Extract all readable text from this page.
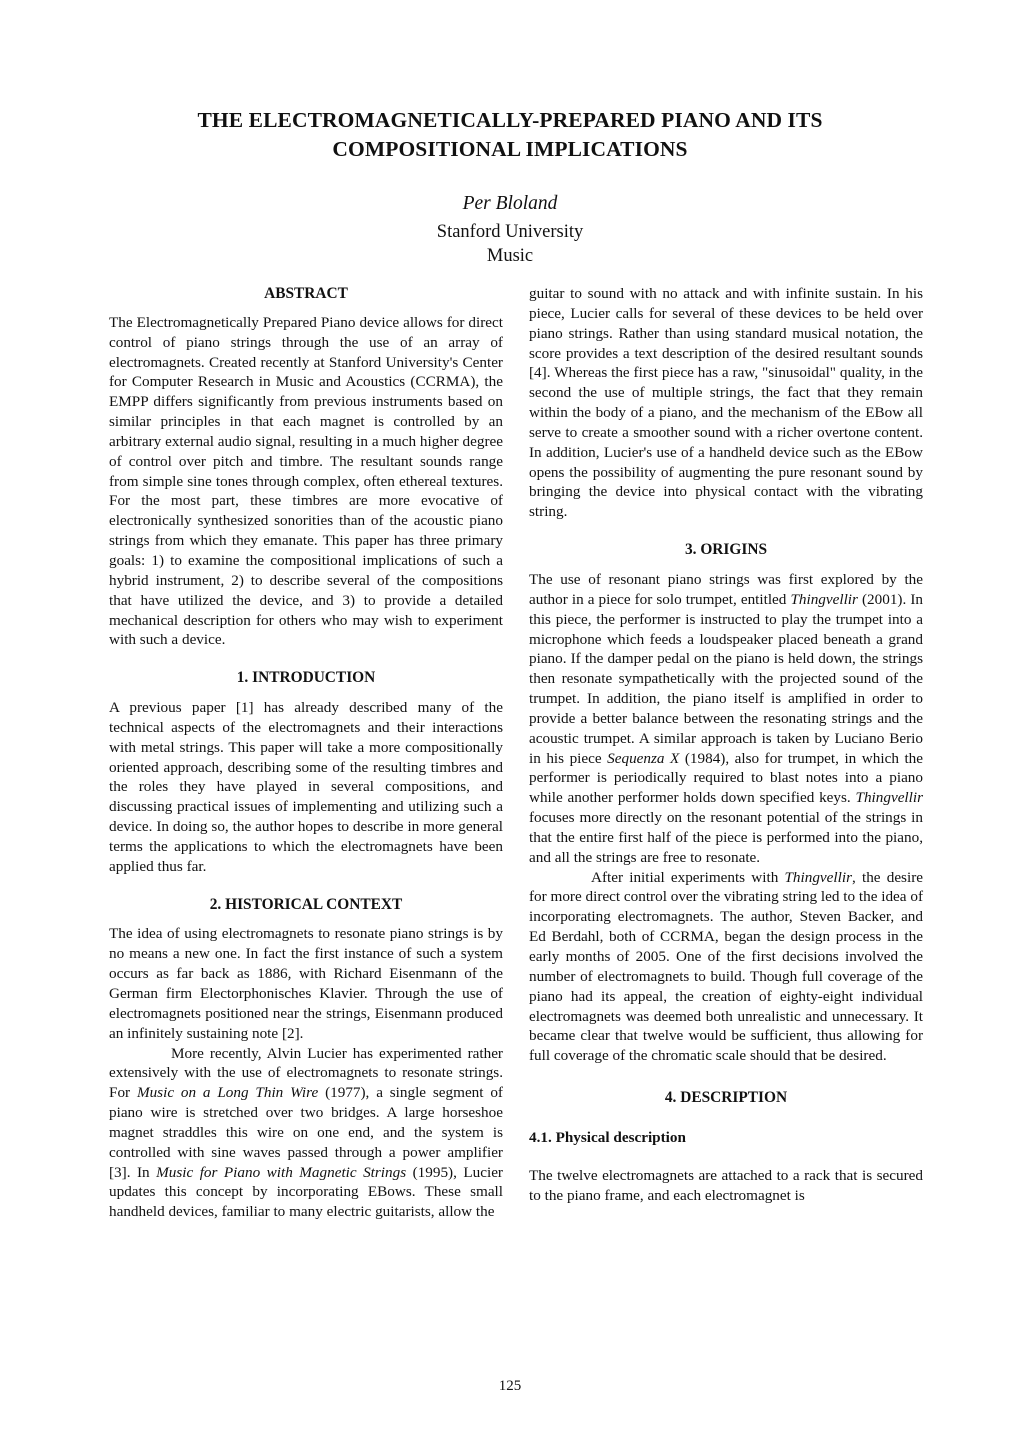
THE ELECTROMAGNETICALLY-PREPARED PIANO AND ITS
COMPOSITIONAL IMPLICATIONS
Per Bloland
Stanford University
Music
ABSTRACT

The Electromagnetically Prepared Piano device allows for direct control of piano strings through the use of an array of electromagnets. Created recently at Stanford University's Center for Computer Research in Music and Acoustics (CCRMA), the EMPP differs significantly from previous instruments based on similar principles in that each magnet is controlled by an arbitrary external audio signal, resulting in a much higher degree of control over pitch and timbre. The resultant sounds range from simple sine tones through complex, often ethereal textures. For the most part, these timbres are more evocative of electronically synthesized sonorities than of the acoustic piano strings from which they emanate. This paper has three primary goals: 1) to examine the compositional implications of such a hybrid instrument, 2) to describe several of the compositions that have utilized the device, and 3) to provide a detailed mechanical description for others who may wish to experiment with such a device.

1. INTRODUCTION

A previous paper [1] has already described many of the technical aspects of the electromagnets and their interactions with metal strings. This paper will take a more compositionally oriented approach, describing some of the resulting timbres and the roles they have played in several compositions, and discussing practical issues of implementing and utilizing such a device. In doing so, the author hopes to describe in more general terms the applications to which the electromagnets have been applied thus far.

2. HISTORICAL CONTEXT

The idea of using electromagnets to resonate piano strings is by no means a new one. In fact the first instance of such a system occurs as far back as 1886, with Richard Eisenmann of the German firm Electorphonisches Klavier. Through the use of electromagnets positioned near the strings, Eisenmann produced an infinitely sustaining note [2].

More recently, Alvin Lucier has experimented rather extensively with the use of electromagnets to resonate strings. For Music on a Long Thin Wire (1977), a single segment of piano wire is stretched over two bridges. A large horseshoe magnet straddles this wire on one end, and the system is controlled with sine waves passed through a power amplifier [3]. In Music for Piano with Magnetic Strings (1995), Lucier updates this concept by incorporating EBows. These small handheld devices, familiar to many electric guitarists, allow the

guitar to sound with no attack and with infinite sustain. In his piece, Lucier calls for several of these devices to be held over piano strings. Rather than using standard musical notation, the score provides a text description of the desired resultant sounds [4]. Whereas the first piece has a raw, "sinusoidal" quality, in the second the use of multiple strings, the fact that they remain within the body of a piano, and the mechanism of the EBow all serve to create a smoother sound with a richer overtone content. In addition, Lucier's use of a handheld device such as the EBow opens the possibility of augmenting the pure resonant sound by bringing the device into physical contact with the vibrating string.

3. ORIGINS

The use of resonant piano strings was first explored by the author in a piece for solo trumpet, entitled Thingvellir (2001). In this piece, the performer is instructed to play the trumpet into a microphone which feeds a loudspeaker placed beneath a grand piano. If the damper pedal on the piano is held down, the strings then resonate sympathetically with the projected sound of the trumpet. In addition, the piano itself is amplified in order to provide a better balance between the resonating strings and the acoustic trumpet. A similar approach is taken by Luciano Berio in his piece Sequenza X (1984), also for trumpet, in which the performer is periodically required to blast notes into a piano while another performer holds down specified keys. Thingvellir focuses more directly on the resonant potential of the strings in that the entire first half of the piece is performed into the piano, and all the strings are free to resonate.

After initial experiments with Thingvellir, the desire for more direct control over the vibrating string led to the idea of incorporating electromagnets. The author, Steven Backer, and Ed Berdahl, both of CCRMA, began the design process in the early months of 2005. One of the first decisions involved the number of electromagnets to build. Though full coverage of the piano had its appeal, the creation of eighty-eight individual electromagnets was deemed both unrealistic and unnecessary. It became clear that twelve would be sufficient, thus allowing for full coverage of the chromatic scale should that be desired.

4. DESCRIPTION
4.1. Physical description

The twelve electromagnets are attached to a rack that is secured to the piano frame, and each electromagnet is

125
